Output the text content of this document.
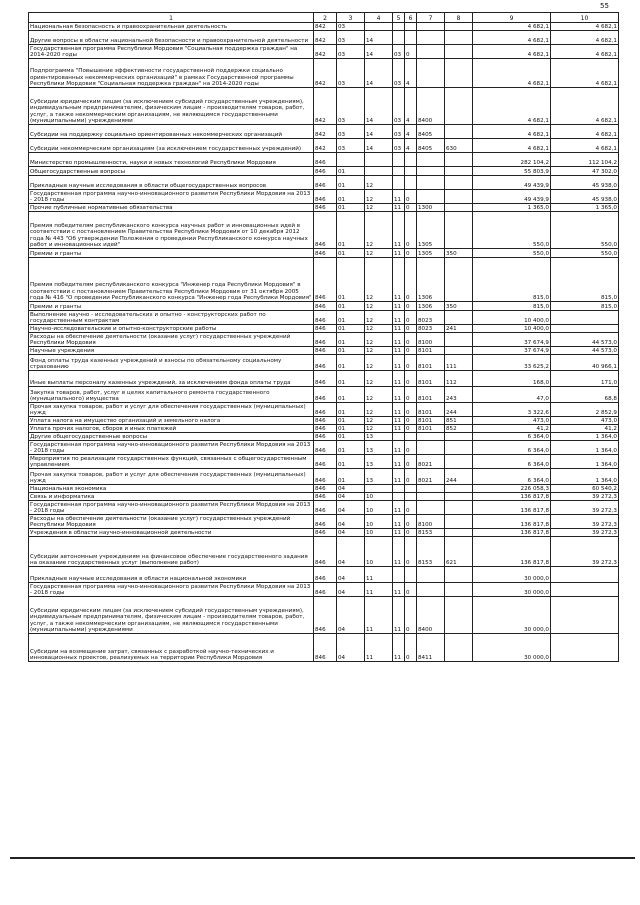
55
1	2	3	4	5	6	7	8	9	10
Национальная безопасность и правоохранительная деятельность	842	03						4 682,1	4 682,1
Другие вопросы в области национальной безопасности и правоохранительной деятельности	842	03	14					4 682,1	4 682,1
Государственная программа Республики Мордовия "Социальная поддержка граждан" на 2014-2020 годы	842	03	14	03	0			4 682,1	4 682,1
Подпрограмма "Повышение эффективности государственной поддержки социально ориентированных некоммерческих организаций" в рамках Государственной программы Республики Мордовия "Социальная поддержка граждан" на 2014-2020 годы	842	03	14	03	4			4 682,1	4 682,1
Субсидии юридическим лицам (за исключением субсидий государственным учреждениям), индивидуальным предпринимателям, физическим лицам - производителям товаров, работ, услуг, а также некоммерческим организациям, не являющимся государственными (муниципальными) учреждениями	842	03	14	03	4	8400		4 682,1	4 682,1
Субсидии на поддержку социально ориентированных некоммерческих организаций	842	03	14	03	4	8405		4 682,1	4 682,1
Субсидии некоммерческим организациям (за исключением государственных учреждений)	842	03	14	03	4	8405	630	4 682,1	4 682,1
Министерство промышленности, науки и новых технологий Республики Мордовия	846							282 104,2	112 104,2
Общегосударственные вопросы	846	01						55 803,9	47 302,0
Прикладные научные исследования в области общегосударственных вопросов	846	01	12					49 439,9	45 938,0
Государственная программа научно-инновационного развития Республики Мордовия на 2013 - 2018 годы	846	01	12	11	0			49 439,9	45 938,0
Прочие публичные нормативные обязательства	846	01	12	11	0	1300		1 365,0	1 365,0
Премия победителям республиканского конкурса научных работ и инновационных идей в соответствии с постановлением Правительства Республики Мордовия от 10 декабря 2012 года № 443 "Об утверждении Положения о проведении Республиканского конкурса научных работ и инновационных идей"	846	01	12	11	0	1305		550,0	550,0
Премии и гранты	846	01	12	11	0	1305	350	550,0	550,0
Премия победителям республиканского конкурса "Инженер года Республики Мордовия" в соответствии с постановлением Правительства Республики Мордовия от 31 октября 2005 года № 416 "О проведении Республиканского конкурса "Инженер года Республики Мордовия"	846	01	12	11	0	1306		815,0	815,0
Премии и гранты	846	01	12	11	0	1306	350	815,0	815,0
Выполнение научно - исследовательских и опытно - конструкторских работ по государственным контрактам	846	01	12	11	0	8023		10 400,0	
Научно-исследовательские и опытно-конструкторские работы	846	01	12	11	0	8023	241	10 400,0	
Расходы на обеспечение деятельности (оказание услуг) государственных учреждений Республики Мордовия	846	01	12	11	0	8100		37 674,9	44 573,0
Научные учреждения	846	01	12	11	0	8101		37 674,9	44 573,0
Фонд оплаты труда казенных учреждений и взносы по обязательному социальному страхованию	846	01	12	11	0	8101	111	33 625,2	40 966,1
Иные выплаты персоналу казенных учреждений, за исключением фонда оплаты труда	846	01	12	11	0	8101	112	168,0	171,0
Закупка товаров, работ, услуг в целях капитального ремонта государственного (муниципального) имущества	846	01	12	11	0	8101	243	47,0	68,8
Прочая закупка товаров, работ и услуг для обеспечения государственных (муниципальных) нужд	846	01	12	11	0	8101	244	3 322,6	2 852,9
Уплата налога на имущество организаций и земельного налога	846	01	12	11	0	8101	851	473,0	473,0
Уплата прочих налогов, сборов и иных платежей	846	01	12	11	0	8101	852	41,2	41,2
Другие общегосударственные вопросы	846	01	13					6 364,0	1 364,0
Государственная программа научно-инновационного развития Республики Мордовия на 2013 - 2018 годы	846	01	13	11	0			6 364,0	1 364,0
Мероприятия по реализации государственных функций, связанных с общегосударственным управлением	846	01	13	11	0	8021		6 364,0	1 364,0
Прочая закупка товаров, работ и услуг для обеспечения государственных (муниципальных) нужд	846	01	13	11	0	8021	244	6 364,0	1 364,0
Национальная экономика	846	04						226 058,3	60 540,2
Связь и информатика	846	04	10					136 817,8	39 272,3
Государственная программа научно-инновационного развития Республики Мордовия на 2013 - 2018 годы	846	04	10	11	0			136 817,8	39 272,3
Расходы на обеспечение деятельности (оказание услуг) государственных учреждений Республики Мордовия	846	04	10	11	0	8100		136 817,8	39 272,3
Учреждения в области научно-инновационной деятельности	846	04	10	11	0	8153		136 817,8	39 272,3
Субсидии автономным учреждениям на финансовое обеспечение государственного задания на оказание государственных услуг (выполнение работ)	846	04	10	11	0	8153	621	136 817,8	39 272,3
Прикладные научные исследования в области национальной экономики	846	04	11					30 000,0	
Государственная программа научно-инновационного развития Республики Мордовия на 2013 - 2018 годы	846	04	11	11	0			30 000,0	
Субсидии юридическим лицам (за исключением субсидий государственным учреждениям), индивидуальным предпринимателям, физическим лицам - производителям товаров, работ, услуг, а также некоммерческим организациям, не являющимся государственными (муниципальными) учреждениями	846	04	11	11	0	8400		30 000,0	
Субсидии на возмещение затрат, связанных с разработкой научно-технических и инновационных проектов, реализуемых на территории Республики Мордовия	846	04	11	11	0	8411		30 000,0	
